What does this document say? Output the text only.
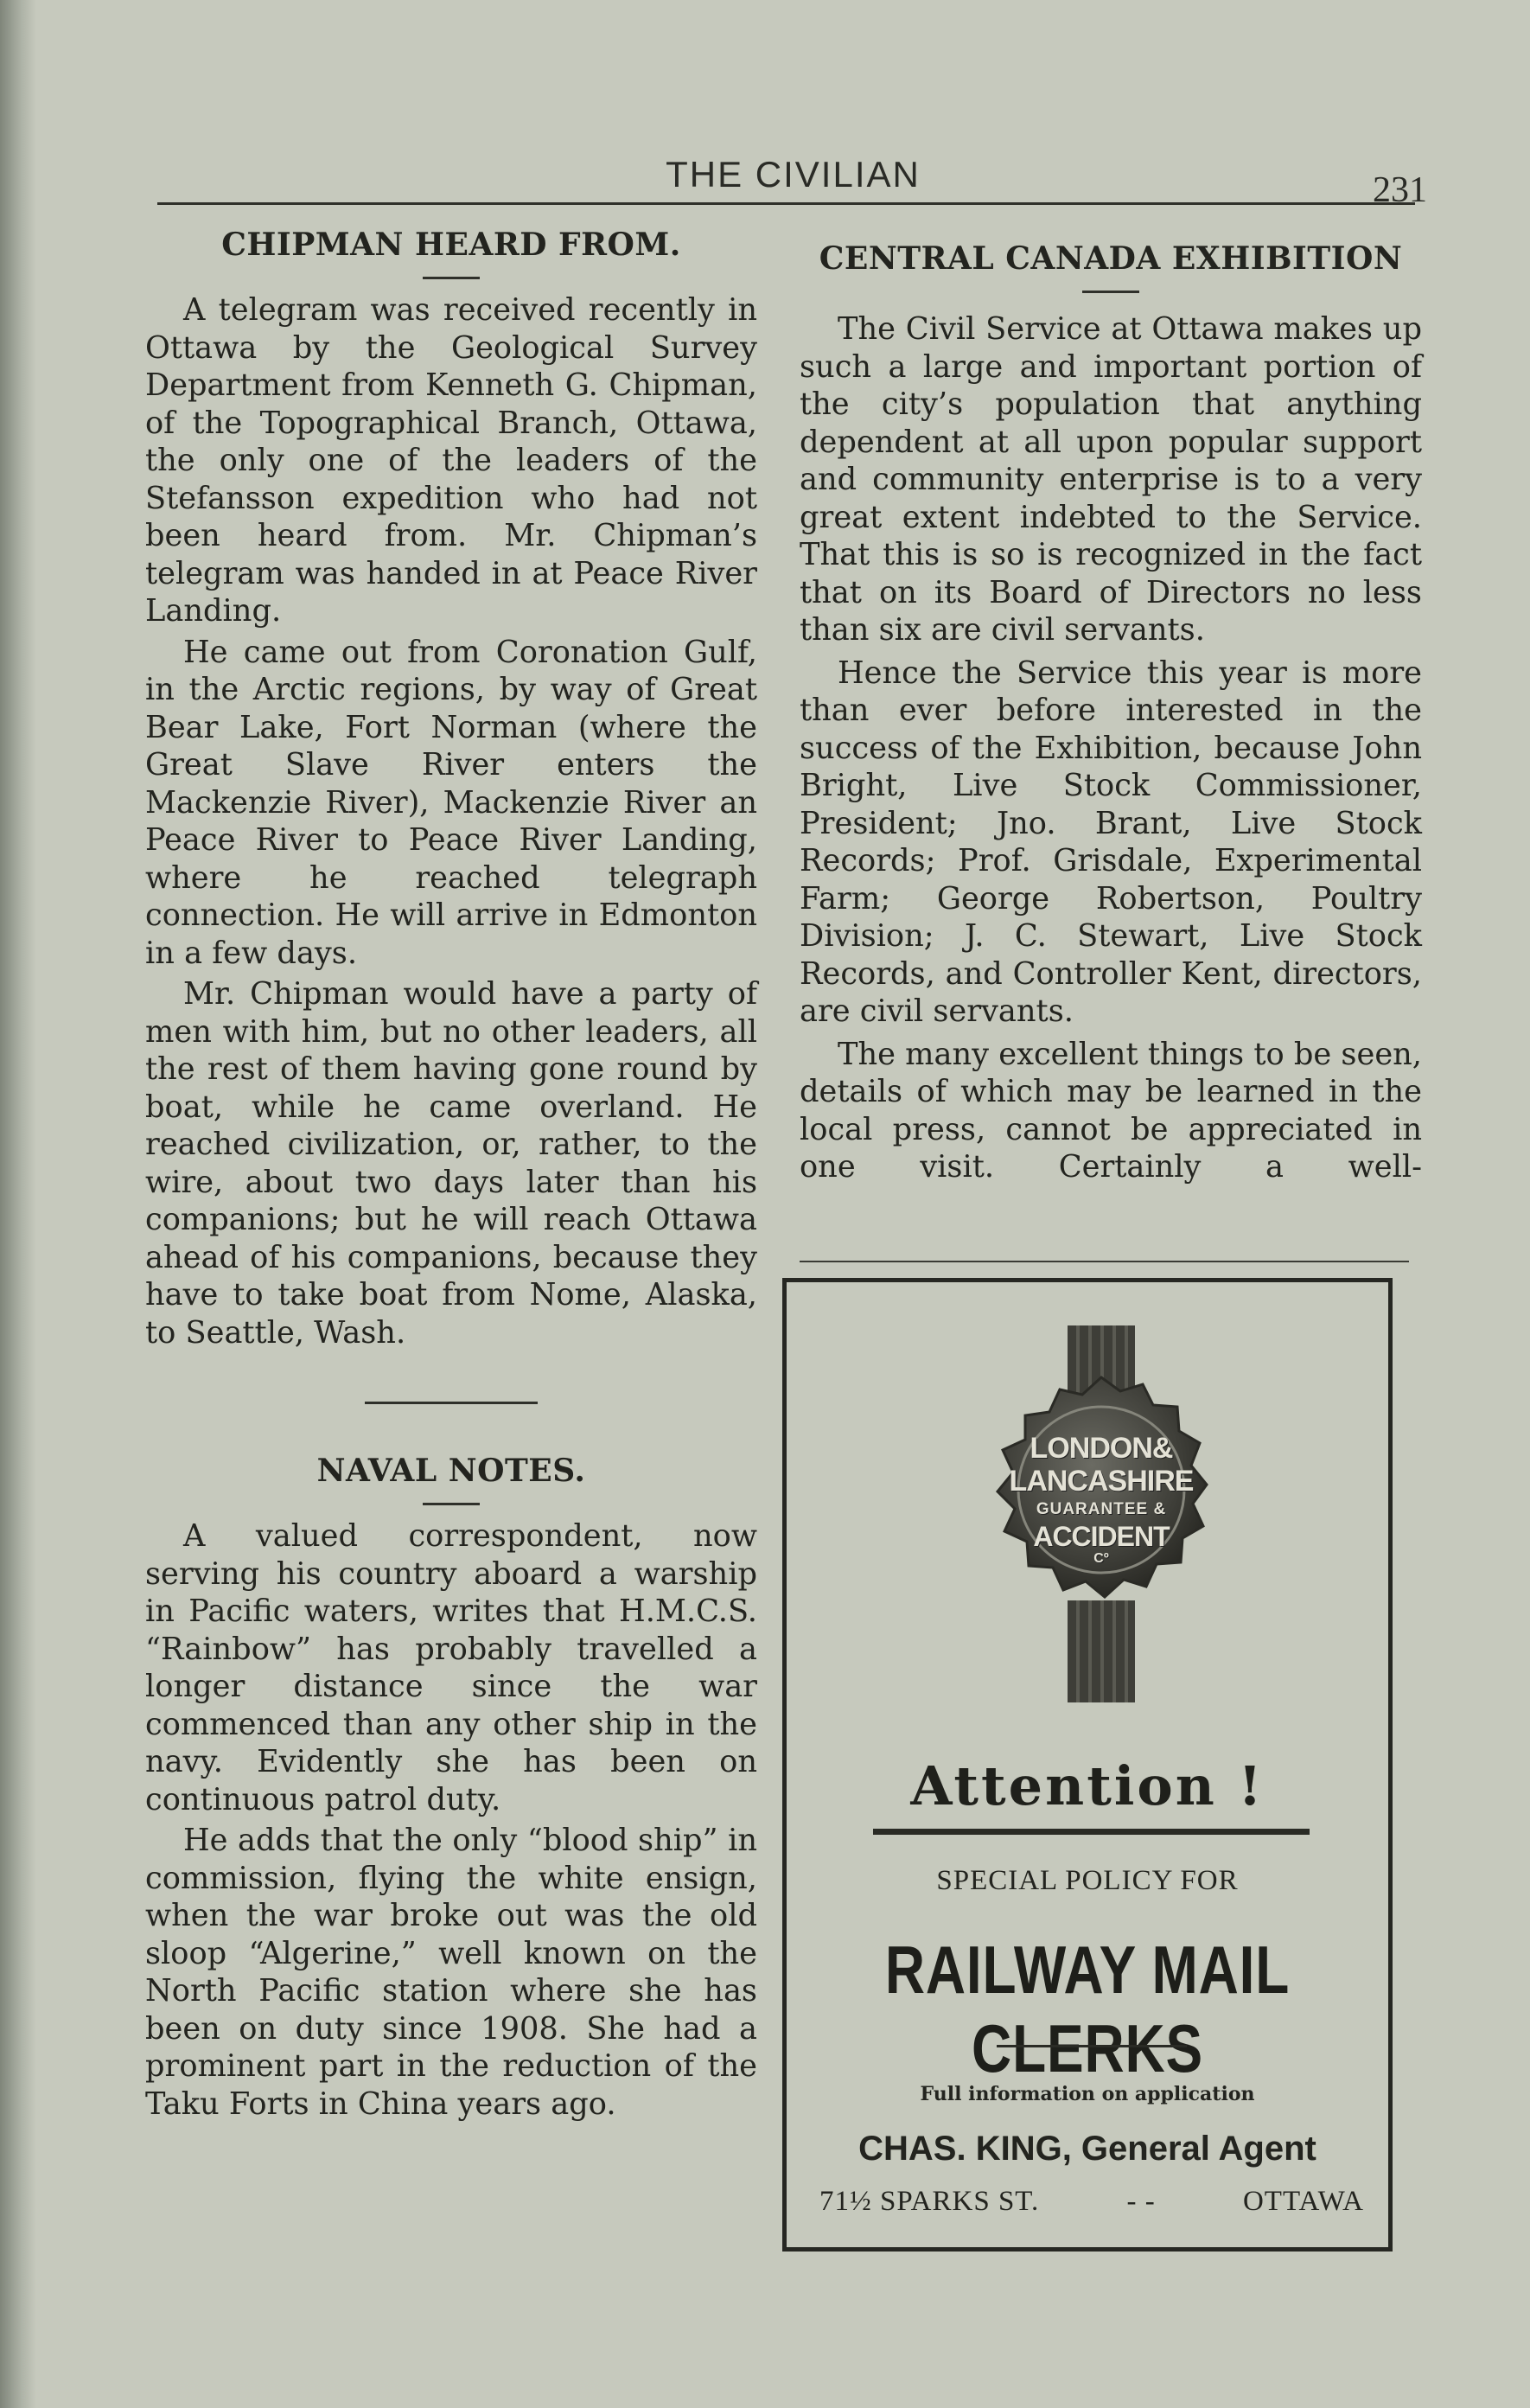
THE CIVILIAN	231
CHIPMAN HEARD FROM.

A telegram was received recently in Ottawa by the Geological Survey Department from Kenneth G. Chipman, of the Topographical Branch, Ottawa, the only one of the leaders of the Stefansson expedition who had not been heard from. Mr. Chipman’s telegram was handed in at Peace River Landing.

He came out from Coronation Gulf, in the Arctic regions, by way of Great Bear Lake, Fort Norman (where the Great Slave River enters the Mackenzie River), Mackenzie River an Peace River to Peace River Landing, where he reached telegraph connection. He will arrive in Edmonton in a few days.

Mr. Chipman would have a party of men with him, but no other leaders, all the rest of them having gone round by boat, while he came overland. He reached civilization, or, rather, to the wire, about two days later than his companions; but he will reach Ottawa ahead of his companions, because they have to take boat from Nome, Alaska, to Seattle, Wash.

NAVAL NOTES.

A valued correspondent, now serving his country aboard a warship in Pacific waters, writes that H.M.C.S. “Rainbow” has probably travelled a longer distance since the war commenced than any other ship in the navy. Evidently she has been on continuous patrol duty.

He adds that the only “blood ship” in commission, flying the white ensign, when the war broke out was the old sloop “Algerine,” well known on the North Pacific station where she has been on duty since 1908. She had a prominent part in the reduction of the Taku Forts in China years ago.

CENTRAL CANADA EXHIBITION

The Civil Service at Ottawa makes up such a large and important portion of the city’s population that anything dependent at all upon popular support and community enterprise is to a very great extent indebted to the Service. That this is so is recognized in the fact that on its Board of Directors no less than six are civil servants.

Hence the Service this year is more than ever before interested in the success of the Exhibition, because John Bright, Live Stock Commissioner, President; Jno. Brant, Live Stock Records; Prof. Grisdale, Experimental Farm; George Robertson, Poultry Division; J. C. Stewart, Live Stock Records, and Controller Kent, directors, are civil servants.

The many excellent things to be seen, details of which may be learned in the local press, cannot be appreciated in one visit. Certainly a well-

LONDON&
LANCASHIRE
GUARANTEE &
ACCIDENT
Cº
Attention !
SPECIAL POLICY FOR
RAILWAY MAIL CLERKS
Full information on application
CHAS. KING, General Agent
71½ SPARKS ST.	- -	OTTAWA
